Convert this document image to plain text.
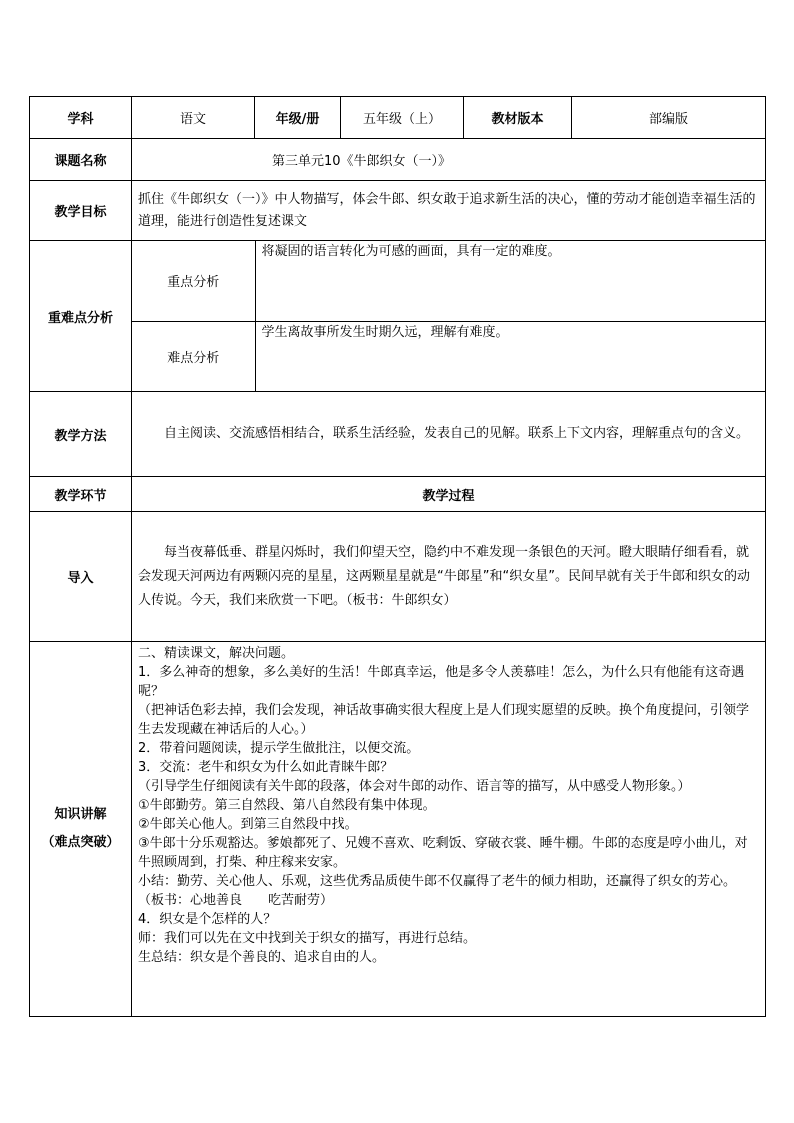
学科	语文	年级/册	五年级（上）	教材版本	部编版
课题名称	第三单元10《牛郎织女（一）》
教学目标	抓住《牛郎织女（一）》中人物描写，体会牛郎、织女敢于追求新生活的决心，懂的劳动才能创造幸福生活的道理，能进行创造性复述课文
重难点分析	
重点分析	将凝固的语言转化为可感的画面，具有一定的难度。
难点分析	学生离故事所发生时期久远，理解有难度。

教学方法	自主阅读、交流感悟相结合，联系生活经验，发表自己的见解。联系上下文内容，理解重点句的含义。
教学环节	教学过程
导入	每当夜幕低垂、群星闪烁时，我们仰望天空，隐约中不难发现一条银色的天河。瞪大眼睛仔细看看，就会发现天河两边有两颗闪亮的星星，这两颗星星就是“牛郎星”和“织女星”。民间早就有关于牛郎和织女的动人传说。今天，我们来欣赏一下吧。（板书：牛郎织女）

知识讲解
（难点突破）

二、精读课文，解决问题。
1．多么神奇的想象，多么美好的生活！牛郎真幸运，他是多令人羡慕哇！怎么，为什么只有他能有这奇遇呢？
（把神话色彩去掉，我们会发现，神话故事确实很大程度上是人们现实愿望的反映。换个角度提问，引领学生去发现藏在神话后的人心。）
2．带着问题阅读，提示学生做批注，以便交流。
3．交流：老牛和织女为什么如此青睐牛郎？
（引导学生仔细阅读有关牛郎的段落，体会对牛郎的动作、语言等的描写，从中感受人物形象。）
①牛郎勤劳。第三自然段、第八自然段有集中体现。
②牛郎关心他人。到第三自然段中找。
③牛郎十分乐观豁达。爹娘都死了、兄嫂不喜欢、吃剩饭、穿破衣裳、睡牛棚。牛郎的态度是哼小曲儿，对牛照顾周到，打柴、种庄稼来安家。
小结：勤劳、关心他人、乐观，这些优秀品质使牛郎不仅赢得了老牛的倾力相助，还赢得了织女的芳心。
（板书：心地善良　　吃苦耐劳）
4．织女是个怎样的人？
师：我们可以先在文中找到关于织女的描写，再进行总结。
生总结：织女是个善良的、追求自由的人。
